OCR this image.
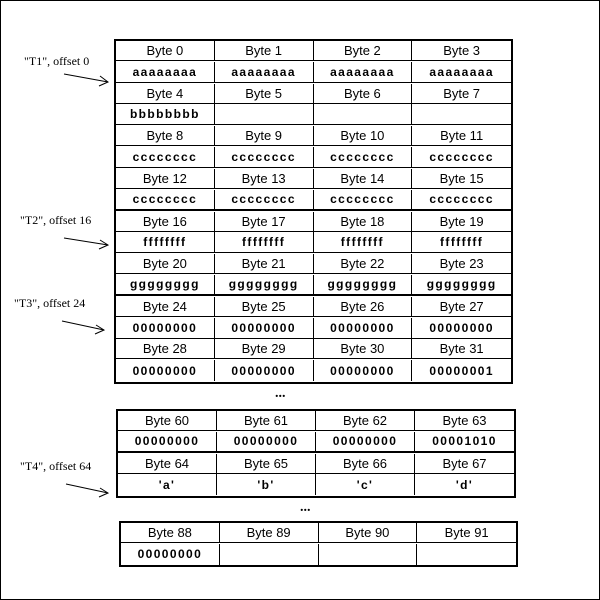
Byte 0	Byte 1	Byte 2	Byte 3
aaaaaaaa	aaaaaaaa	aaaaaaaa	aaaaaaaa
Byte 4	Byte 5	Byte 6	Byte 7
bbbbbbbb
Byte 8	Byte 9	Byte 10	Byte 11
cccccccc	cccccccc	cccccccc	cccccccc
Byte 12	Byte 13	Byte 14	Byte 15
cccccccc	cccccccc	cccccccc	cccccccc
Byte 16	Byte 17	Byte 18	Byte 19
ffffffff	ffffffff	ffffffff	ffffffff
Byte 20	Byte 21	Byte 22	Byte 23
gggggggg	gggggggg	gggggggg	gggggggg
Byte 24	Byte 25	Byte 26	Byte 27
00000000	00000000	00000000	00000000
Byte 28	Byte 29	Byte 30	Byte 31
00000000	00000000	00000000	00000001
Byte 60	Byte 61	Byte 62	Byte 63
00000000	00000000	00000000	00001010
Byte 64	Byte 65	Byte 66	Byte 67
'a'	'b'	'c'	'd'
Byte 88	Byte 89	Byte 90	Byte 91
00000000
"T1", offset 0
"T2", offset 16
"T3", offset 24
"T4", offset 64
...
...
